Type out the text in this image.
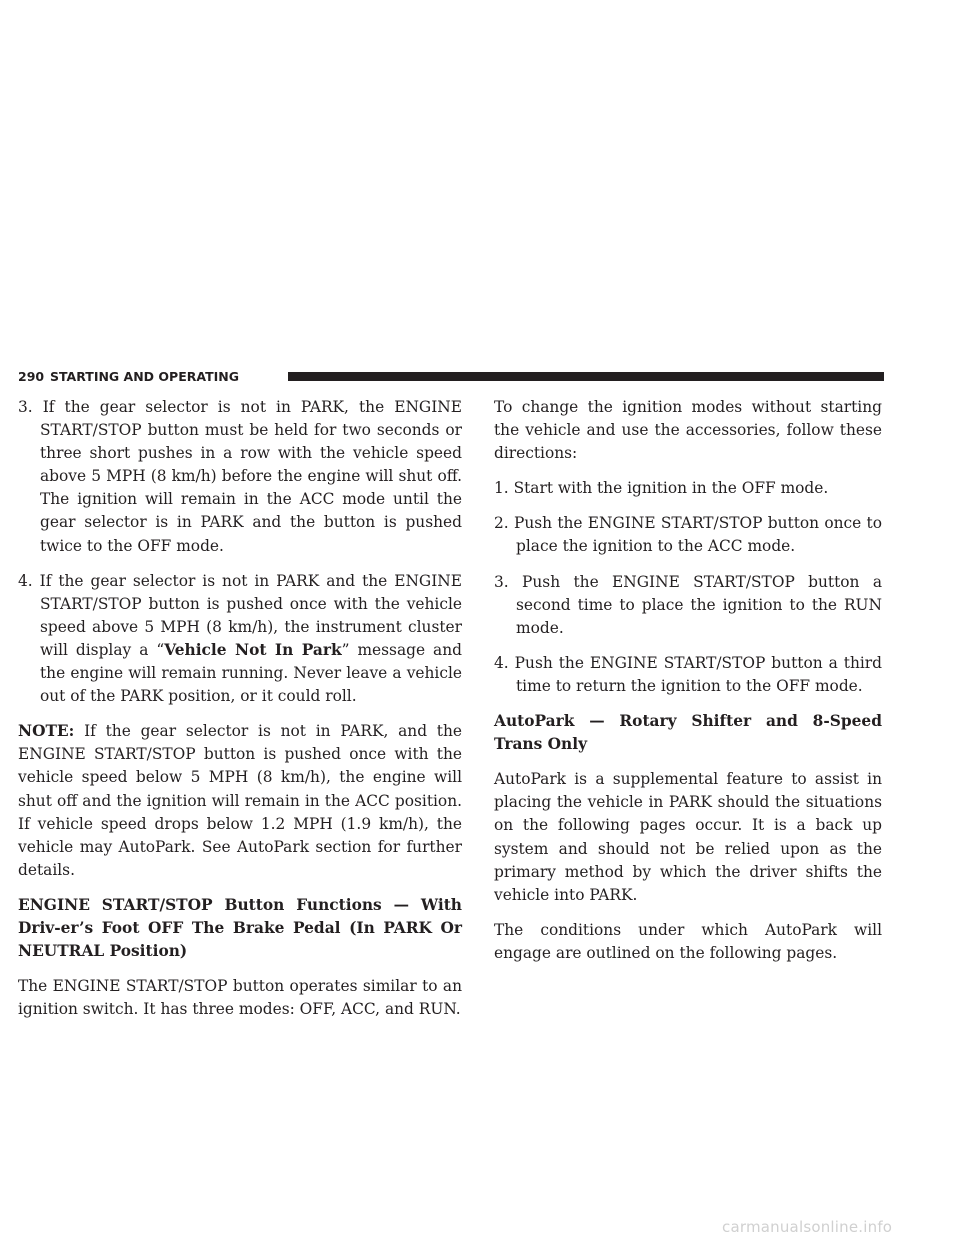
290 STARTING AND OPERATING
3. If the gear selector is not in PARK, the ENGINE START/STOP button must be held for two seconds or three short pushes in a row with the vehicle speed above 5 MPH (8 km/h) before the engine will shut off. The ignition will remain in the ACC mode until the gear selector is in PARK and the button is pushed twice to the OFF mode.
4. If the gear selector is not in PARK and the ENGINE START/STOP button is pushed once with the vehicle speed above 5 MPH (8 km/h), the instrument cluster will display a “Vehicle Not In Park” message and the engine will remain running. Never leave a vehicle out of the PARK position, or it could roll.

NOTE: If the gear selector is not in PARK, and the ENGINE START/STOP button is pushed once with the vehicle speed below 5 MPH (8 km/h), the engine will shut off and the ignition will remain in the ACC position. If vehicle speed drops below 1.2 MPH (1.9 km/h), the vehicle may AutoPark. See AutoPark section for further details.

ENGINE START/STOP Button Functions — With Driv-er’s Foot OFF The Brake Pedal (In PARK Or NEUTRAL Position)

The ENGINE START/STOP button operates similar to an ignition switch. It has three modes: OFF, ACC, and RUN.

To change the ignition modes without starting the vehicle and use the accessories, follow these directions:

1. Start with the ignition in the OFF mode.
2. Push the ENGINE START/STOP button once to place the ignition to the ACC mode.
3. Push the ENGINE START/STOP button a second time to place the ignition to the RUN mode.
4. Push the ENGINE START/STOP button a third time to return the ignition to the OFF mode.

AutoPark — Rotary Shifter and 8-Speed Trans Only

AutoPark is a supplemental feature to assist in placing the vehicle in PARK should the situations on the following pages occur. It is a back up system and should not be relied upon as the primary method by which the driver shifts the vehicle into PARK.

The conditions under which AutoPark will engage are outlined on the following pages.

carmanualsonline.info
